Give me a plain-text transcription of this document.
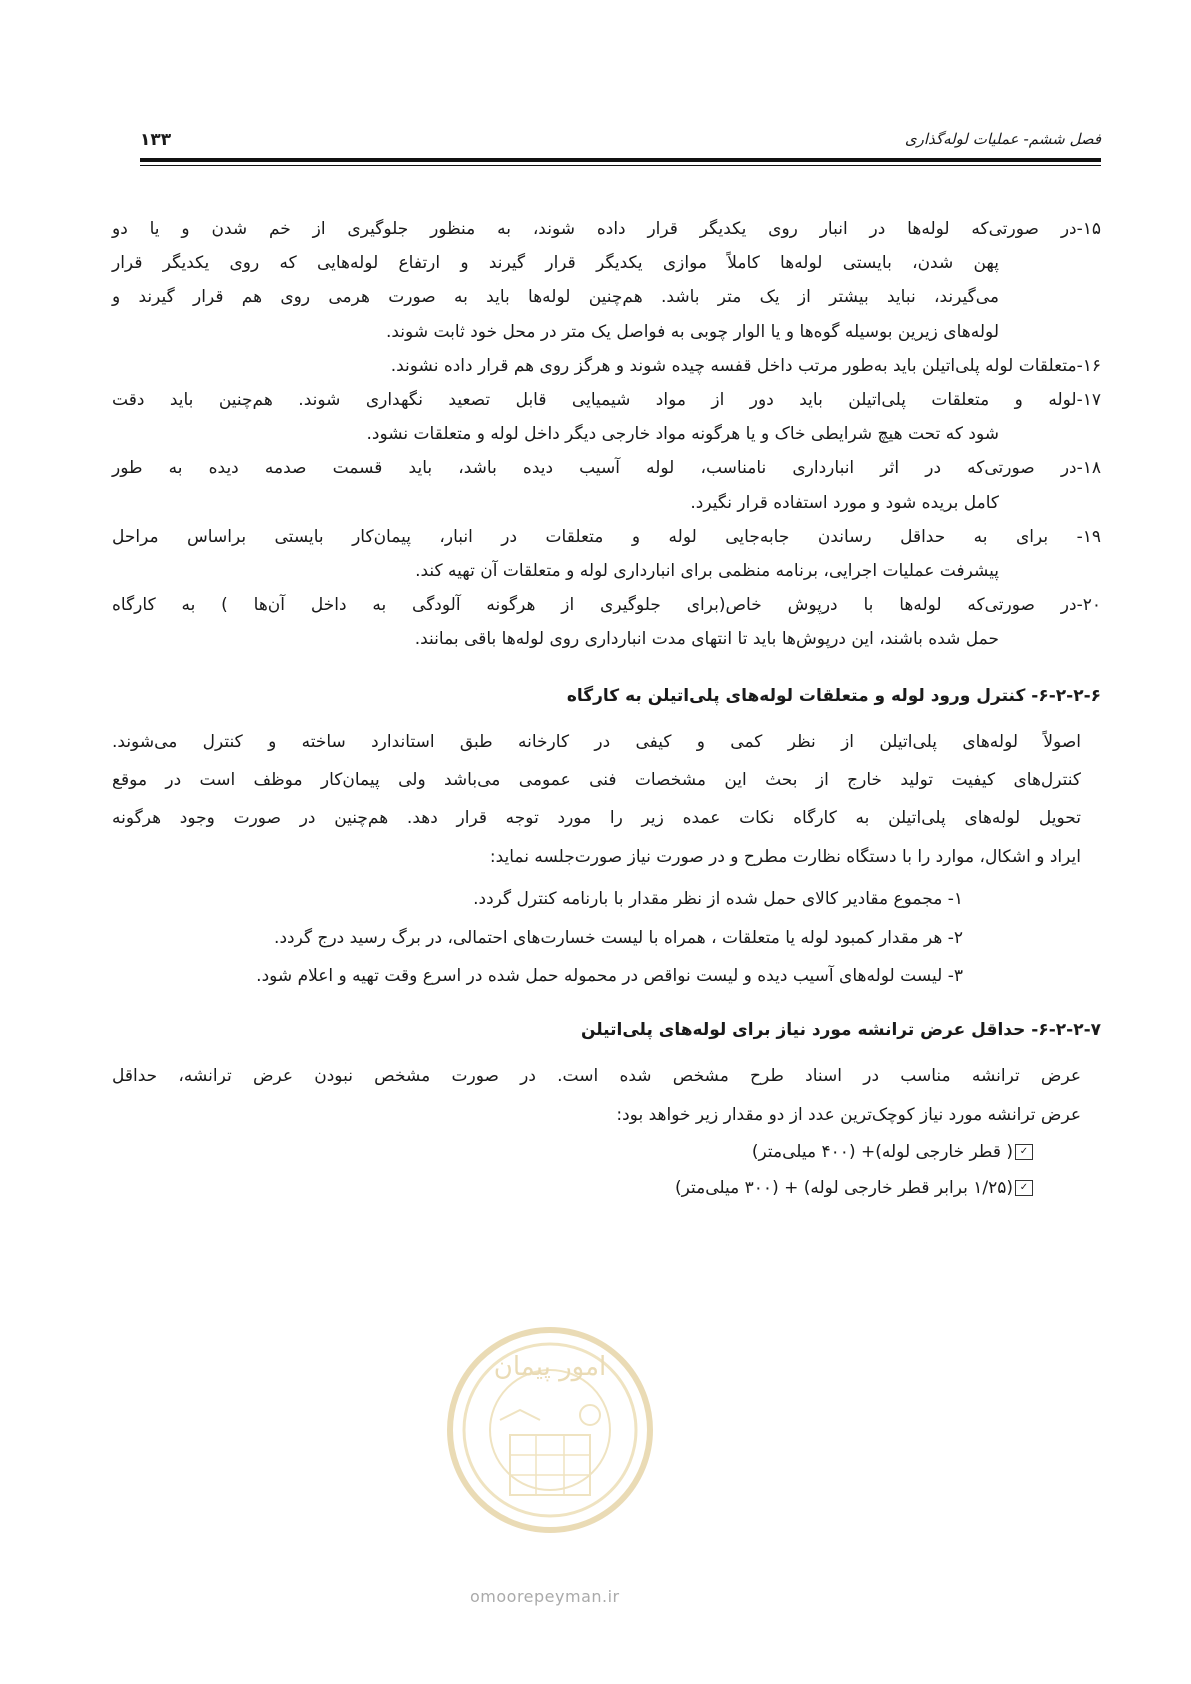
۱۳۳	فصل ششم- عملیات لوله‌گذاری
۱۵-در صورتی‌که لوله‌ها در انبار روی یکدیگر قرار داده شوند، به منظور جلوگیری از خم شدن و یا دو
پهن شدن، بایستی لوله‌ها کاملاً موازی یکدیگر قرار گیرند و ارتفاع لوله‌هایی که روی یکدیگر قرار
می‌گیرند، نباید بیشتر از یک متر باشد. هم‌چنین لوله‌ها باید به صورت هرمی روی هم قرار گیرند و
لوله‌های زیرین بوسیله گوه‌ها و یا الوار چوبی به فواصل یک متر در محل خود ثابت شوند.
۱۶-متعلقات لوله پلی‌اتیلن باید به‌طور مرتب داخل قفسه چیده شوند و هرگز روی هم قرار داده نشوند.
۱۷-لوله و متعلقات پلی‌اتیلن باید دور از مواد شیمیایی قابل تصعید نگهداری شوند. هم‌چنین باید دقت
شود که تحت هیچ شرایطی خاک و یا هرگونه مواد خارجی دیگر داخل لوله و متعلقات نشود.
۱۸-در صورتی‌که در اثر انبارداری نامناسب، لوله آسیب دیده باشد، باید قسمت صدمه دیده به طور
کامل بریده شود و مورد استفاده قرار نگیرد.
۱۹- برای به حداقل رساندن جابه‌جایی لوله و متعلقات در انبار، پیمان‌کار بایستی براساس مراحل
پیشرفت عملیات اجرایی، برنامه منظمی برای انبارداری لوله و متعلقات آن تهیه کند.
۲۰-در صورتی‌که لوله‌ها با درپوش خاص(برای جلوگیری از هرگونه آلودگی به داخل آن‌ها ) به کارگاه
حمل شده باشند، این درپوش‌ها باید تا انتهای مدت انبارداری روی لوله‌ها باقی بمانند.
۶-۲-۲-۶- کنترل ورود لوله و متعلقات لوله‌های پلی‌اتیلن به کارگاه
اصولاً لوله‌های پلی‌اتیلن از نظر کمی و کیفی در کارخانه طبق استاندارد ساخته و کنترل می‌شوند.
کنترل‌های کیفیت تولید خارج از بحث این مشخصات فنی عمومی می‌باشد ولی پیمان‌کار موظف است در موقع
تحویل لوله‌های پلی‌اتیلن به کارگاه نکات عمده زیر را مورد توجه قرار دهد. هم‌چنین در صورت وجود هرگونه
ایراد و اشکال، موارد را با دستگاه نظارت مطرح و در صورت نیاز صورت‌جلسه نماید:
۱- مجموع مقادیر کالای حمل شده از نظر مقدار با بارنامه کنترل گردد.
۲- هر مقدار کمبود لوله یا متعلقات ، همراه با لیست خسارت‌های احتمالی، در برگ رسید درج گردد.
۳- لیست لوله‌های آسیب دیده و لیست نواقص در محموله حمل شده در اسرع وقت تهیه و اعلام شود.
۶-۲-۲-۷- حداقل عرض ترانشه مورد نیاز برای لوله‌های پلی‌اتیلن
عرض ترانشه مناسب در اسناد طرح مشخص شده است. در صورت مشخص نبودن عرض ترانشه، حداقل
عرض ترانشه مورد نیاز کوچک‌ترین عدد از دو مقدار زیر خواهد بود:
✓( قطر خارجی لوله)+ (۴۰۰ میلی‌متر)
✓(۱/۲۵ برابر قطر خارجی لوله) + (۳۰۰ میلی‌متر)
امور پیمان
omoorepeyman.ir
